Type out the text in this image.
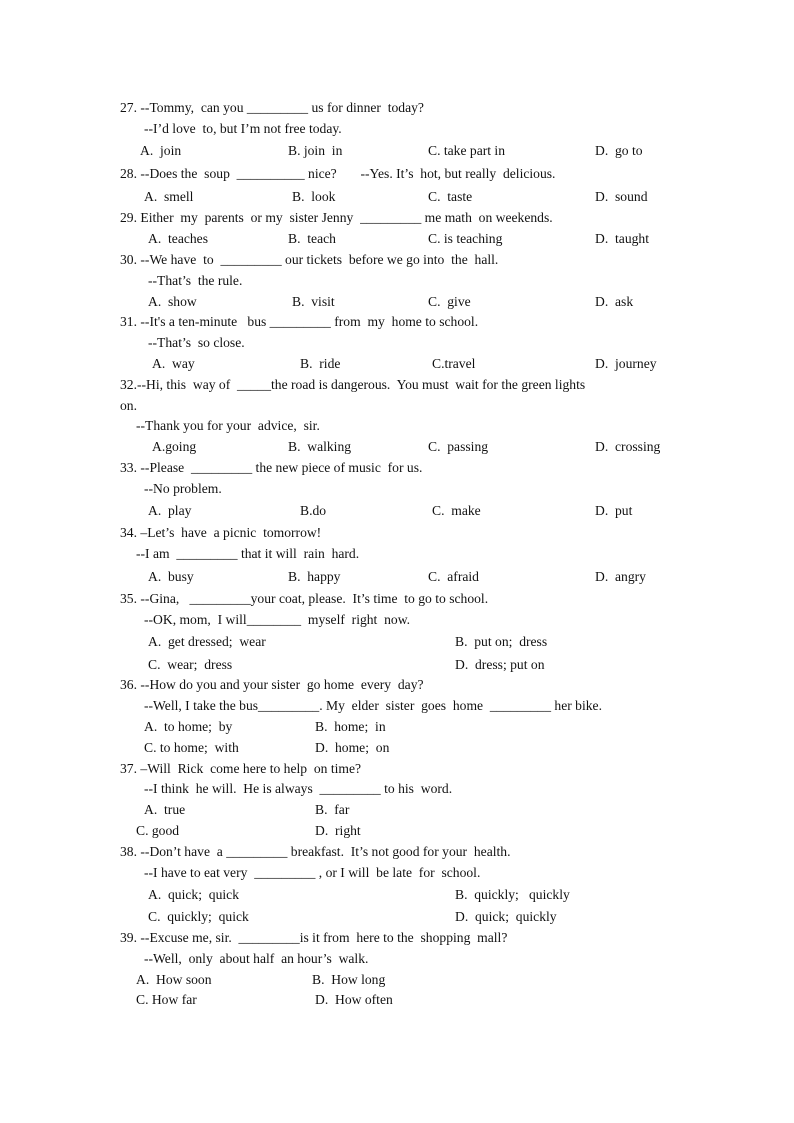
27. --Tommy,  can you _________ us for dinner  today?
--I’d love  to, but I’m not free today.
A.  join	B. join  in	C. take part in	D.  go to
28. --Does the  soup  __________ nice?       --Yes. It’s  hot, but really  delicious.
A.  smell	B.  look	C.  taste	D.  sound
29. Either  my  parents  or my  sister Jenny  _________ me math  on weekends.
A.  teaches	B.  teach	C. is teaching	D.  taught
30. --We have  to  _________ our tickets  before we go into  the  hall.
--That’s  the rule.
A.  show	B.  visit	C.  give	D.  ask
31. --It's a ten-minute   bus _________ from  my  home to school.
--That’s  so close.
A.  way	B.  ride	C.travel	D.  journey
32.--Hi, this  way of  _____the road is dangerous.  You must  wait for the green lights
on.
--Thank you for your  advice,  sir.
A.going	B.  walking	C.  passing	D.  crossing
33. --Please  _________ the new piece of music  for us.
--No problem.
A.  play	B.do	C.  make	D.  put
34. –Let’s  have  a picnic  tomorrow!
--I am  _________ that it will  rain  hard.
A.  busy	B.  happy	C.  afraid	D.  angry
35. --Gina,   _________your coat, please.  It’s time  to go to school.
--OK, mom,  I will________  myself  right  now.
A.  get dressed;  wear	B.  put on;  dress
C.  wear;  dress	D.  dress; put on
36. --How do you and your sister  go home  every  day?
--Well, I take the bus_________. My  elder  sister  goes  home  _________ her bike.
A.  to home;  by	B.  home;  in
C. to home;  with	D.  home;  on
37. –Will  Rick  come here to help  on time?
--I think  he will.  He is always  _________ to his  word.
A.  true	B.  far
C. good	D.  right
38. --Don’t have  a _________ breakfast.  It’s not good for your  health.
--I have to eat very  _________ , or I will  be late  for  school.
A.  quick;  quick	B.  quickly;   quickly
C.  quickly;  quick	D.  quick;  quickly
39. --Excuse me, sir.  _________is it from  here to the  shopping  mall?
--Well,  only  about half  an hour’s  walk.
A.  How soon	B.  How long
C. How far	D.  How often
